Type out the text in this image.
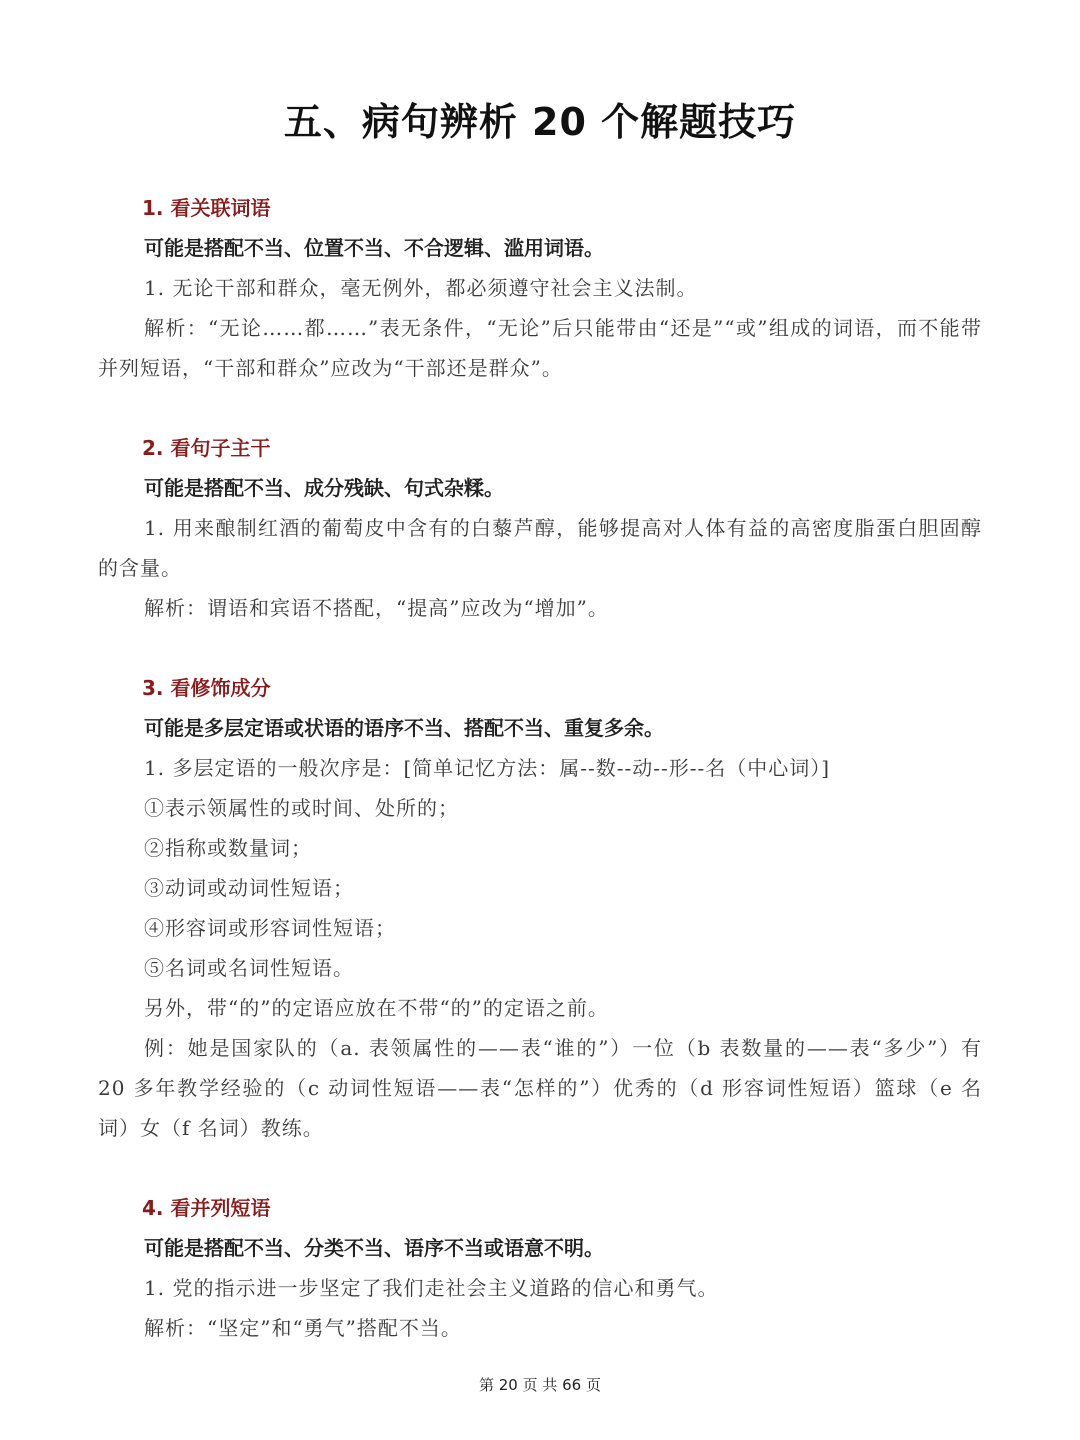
五、病句辨析 20 个解题技巧
1. 看关联词语
可能是搭配不当、位置不当、不合逻辑、滥用词语。
1. 无论干部和群众，毫无例外，都必须遵守社会主义法制。
解析：“无论……都……”表无条件，“无论”后只能带由“还是”“或”组成的词语，而不能带并列短语，“干部和群众”应改为“干部还是群众”。
2. 看句子主干
可能是搭配不当、成分残缺、句式杂糅。
1. 用来酿制红酒的葡萄皮中含有的白藜芦醇，能够提高对人体有益的高密度脂蛋白胆固醇的含量。
解析：谓语和宾语不搭配，“提高”应改为“增加”。
3. 看修饰成分
可能是多层定语或状语的语序不当、搭配不当、重复多余。
1. 多层定语的一般次序是：[简单记忆方法：属--数--动--形--名（中心词）]
①表示领属性的或时间、处所的；
②指称或数量词；
③动词或动词性短语；
④形容词或形容词性短语；
⑤名词或名词性短语。
另外，带“的”的定语应放在不带“的”的定语之前。
例：她是国家队的（a. 表领属性的——表“谁的”）一位（b 表数量的——表“多少”）有 20 多年教学经验的（c 动词性短语——表“怎样的”）优秀的（d 形容词性短语）篮球（e 名词）女（f 名词）教练。
4. 看并列短语
可能是搭配不当、分类不当、语序不当或语意不明。
1. 党的指示进一步坚定了我们走社会主义道路的信心和勇气。
解析：“坚定”和“勇气”搭配不当。
第 20 页 共 66 页
